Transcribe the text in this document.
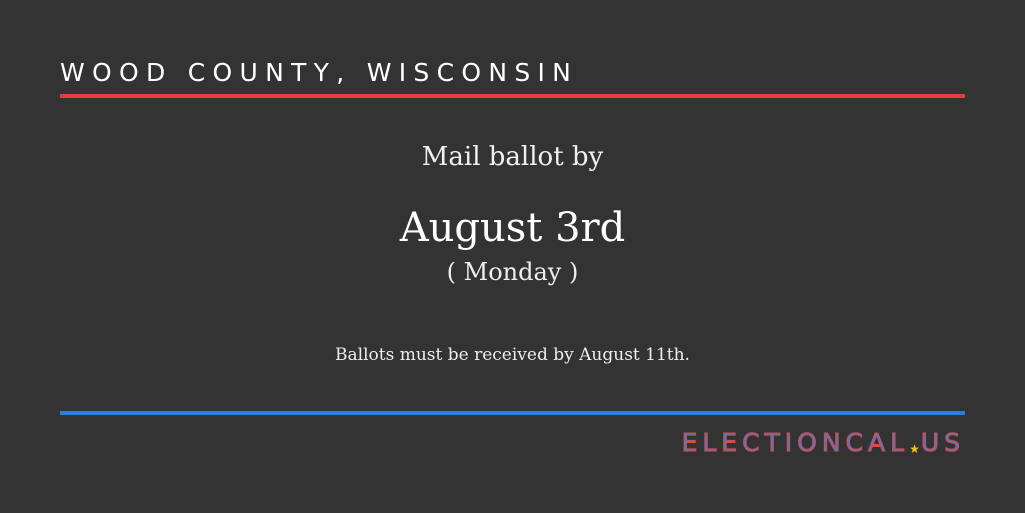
WOOD COUNTY, WISCONSIN
Mail ballot by
August 3rd
( Monday )
Ballots must be received by August 11th.
ELECTIONCAL★US
